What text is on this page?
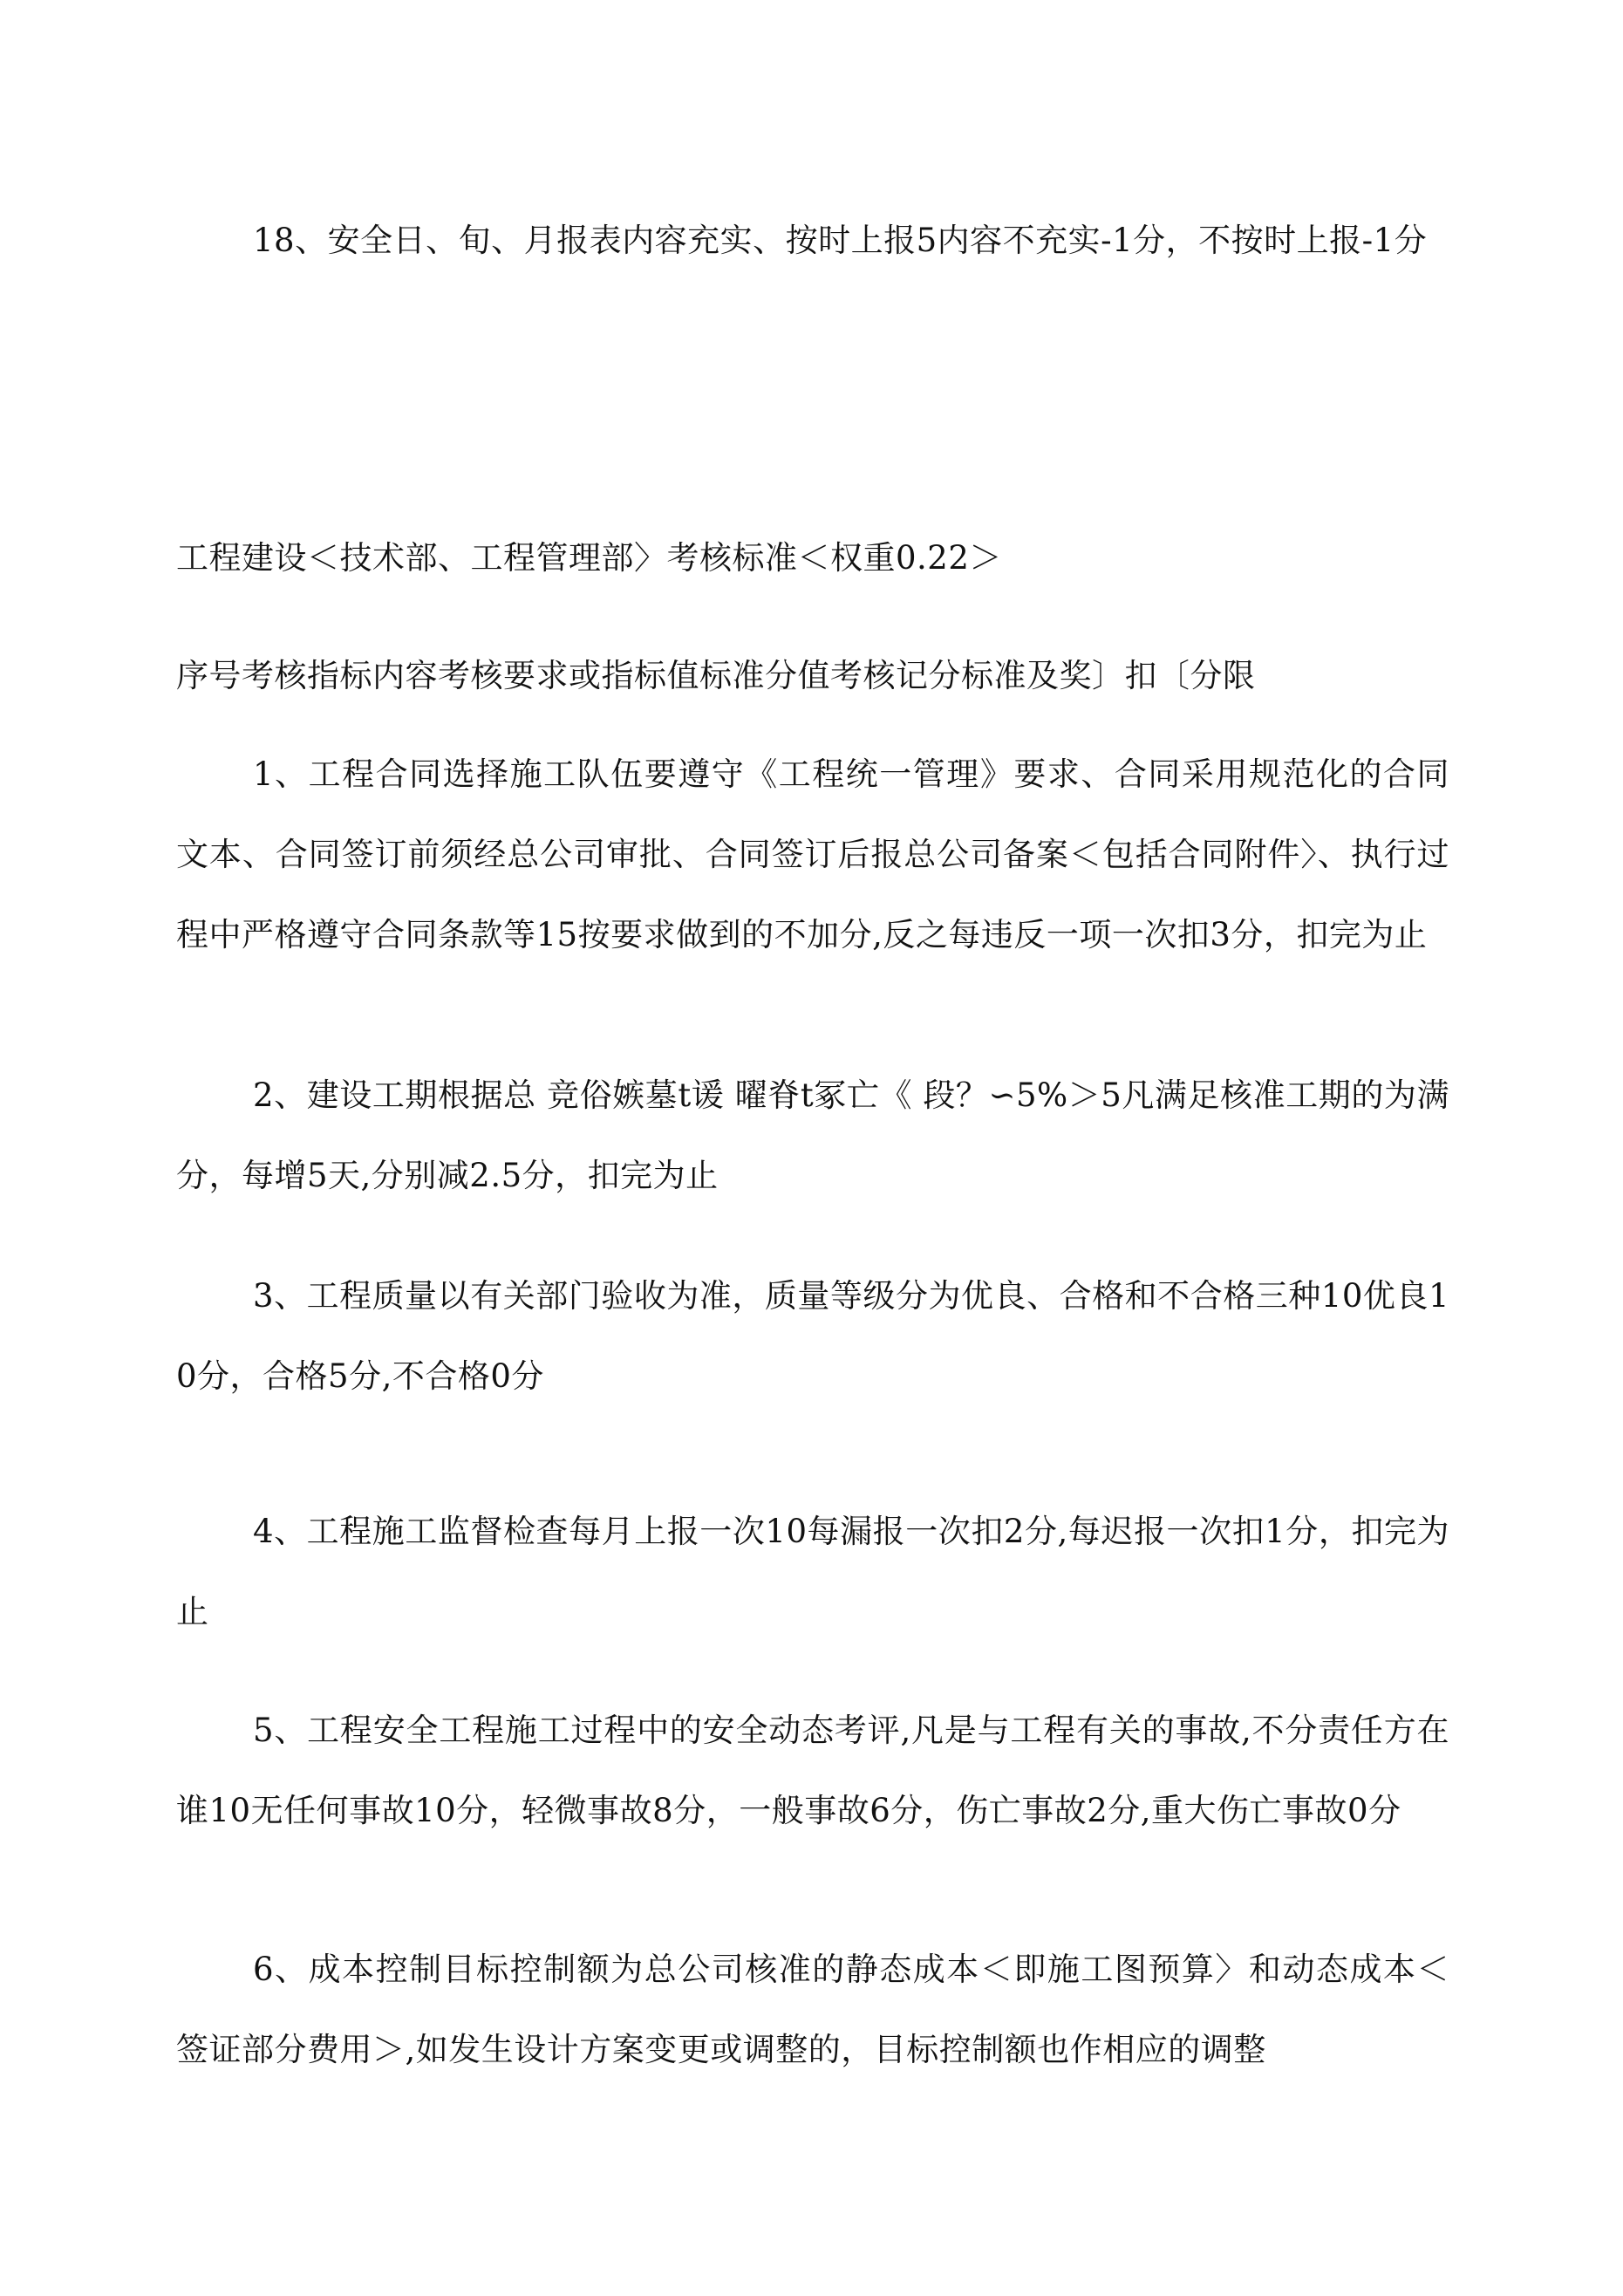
18、安全日、旬、月报表内容充实、按时上报5内容不充实-1分，不按时上报-1分

工程建设＜技术部、工程管理部〉考核标准＜权重0.22＞

序号考核指标内容考核要求或指标值标准分值考核记分标准及奖〕扣〔分限

1、工程合同选择施工队伍要遵守《工程统一管理》要求、合同采用规范化的合同文本、合同签订前须经总公司审批、合同签订后报总公司备案＜包括合同附件〉、执行过程中严格遵守合同条款等15按要求做到的不加分,反之每违反一项一次扣3分，扣完为止

2、建设工期根据总 竞俗嫉墓t谖 曜脊t冢亡《 段？∽5%＞5凡满足核准工期的为满分，每增5天,分别减2.5分，扣完为止

3、工程质量以有关部门验收为准，质量等级分为优良、合格和不合格三种10优良10分，合格5分,不合格0分

4、工程施工监督检查每月上报一次10每漏报一次扣2分,每迟报一次扣1分，扣完为止

5、工程安全工程施工过程中的安全动态考评,凡是与工程有关的事故,不分责任方在谁10无任何事故10分，轻微事故8分，一般事故6分，伤亡事故2分,重大伤亡事故0分

6、成本控制目标控制额为总公司核准的静态成本＜即施工图预算〉和动态成本＜签证部分费用＞,如发生设计方案变更或调整的，目标控制额也作相应的调整
